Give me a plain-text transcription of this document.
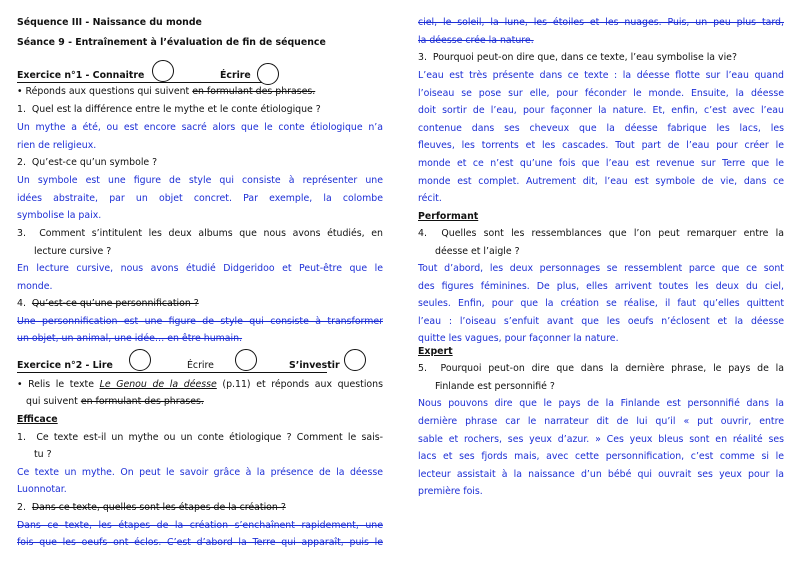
Séquence III - Naissance du monde
Séance 9 - Entraînement à l’évaluation de fin de séquence
Exercice n°1 - Connaitre	Écrire
• Réponds aux questions qui suivent en formulant des phrases.
1. Quel est la différence entre le mythe et le conte étiologique ?
Un mythe a été, ou est encore sacré alors que le conte étiologique n’a
rien de religieux.
2. Qu’est-ce qu’un symbole ?
Un symbole est une figure de style qui consiste à représenter une
idées abstraite, par un objet concret. Par exemple, la colombe
symbolise la paix.
3. Comment s’intitulent les deux albums que nous avons étudiés, en
lecture cursive ?
En lecture cursive, nous avons étudié Didgeridoo et Peut-être que le
monde.
4. Qu’est-ce qu’une personnification ?
Une personnification est une figure de style qui consiste à transformer
un objet, un animal, une idée… en être humain.
Exercice n°2 - Lire	Écrire	S’investir
• Relis le texte Le Genou de la déesse (p.11) et réponds aux questions
qui suivent en formulant des phrases.
Efficace
1. Ce texte est-il un mythe ou un conte étiologique ? Comment le sais-
tu ?
Ce texte un mythe. On peut le savoir grâce à la présence de la déesse
Luonnotar.
2. Dans ce texte, quelles sont les étapes de la création ?
Dans ce texte, les étapes de la création s’enchaînent rapidement, une
fois que les oeufs ont éclos. C’est d’abord la Terre qui apparaît, puis le
ciel, le soleil, la lune, les étoiles et les nuages. Puis, un peu plus tard,
la déesse crée la nature.
3. Pourquoi peut-on dire que, dans ce texte, l’eau symbolise la vie?
L’eau est très présente dans ce texte : la déesse flotte sur l’eau quand
l’oiseau se pose sur elle, pour féconder le monde. Ensuite, la déesse
doit sortir de l’eau, pour façonner la nature. Et, enfin, c’est avec l’eau
contenue dans ses cheveux que la déesse fabrique les lacs, les
fleuves, les torrents et les cascades. Tout part de l’eau pour créer le
monde et ce n’est qu’une fois que l’eau est revenue sur Terre que le
monde est complet. Autrement dit, l’eau est symbole de vie, dans ce
récit.
Performant
4. Quelles sont les ressemblances que l’on peut remarquer entre la
déesse et l’aigle ?
Tout d’abord, les deux personnages se ressemblent parce que ce sont
des figures féminines. De plus, elles arrivent toutes les deux du ciel,
seules. Enfin, pour que la création se réalise, il faut qu’elles quittent
l’eau : l’oiseau s’enfuit avant que les oeufs n’éclosent et la déesse
quitte les vagues, pour façonner la nature.
Expert
5. Pourquoi peut-on dire que dans la dernière phrase, le pays de la
Finlande est personnifié ?
Nous pouvons dire que le pays de la Finlande est personnifié dans la
dernière phrase car le narrateur dit de lui qu’il « put ouvrir, entre
sable et rochers, ses yeux d’azur. » Ces yeux bleus sont en réalité ses
lacs et ses fjords mais, avec cette personnification, c’est comme si le
lecteur assistait à la naissance d’un bébé qui ouvrait ses yeux pour la
première fois.
